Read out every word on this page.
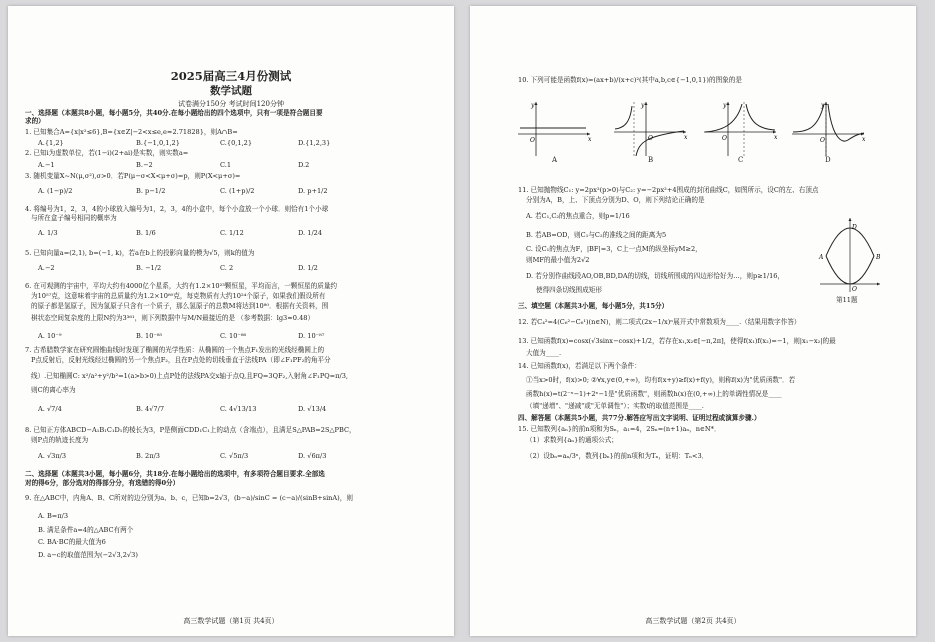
2025届高三4月份测试
数学试题
试卷满分150分 考试时间120分钟
一、选择题（本题共8小题，每小题5分，共40分.在每小题给出的四个选项中，只有一项是符合题目要
求的）
1. 已知集合A={x|x²≤6},B={x∈Z|−2<x≤e,e≈2.71828}，则A∩B=
A.{1,2}	B.{−1,0,1,2}	C.{0,1,2}	D.{1,2,3}
2. 已知i为虚数单位，若(1−i)(2+ai)是实数，则实数a=
A.−1	B.−2	C.1	D.2
3. 随机变量X~N(μ,σ²),σ>0．若P(μ−σ<X<μ+σ)=p，则P(X<μ+σ)=
A. (1−p)/2	B. p−1/2	C. (1+p)/2	D. p+1/2
4. 将编号为1，2，3，4的小球放入编号为1，2，3，4的小盒中，每个小盒放一个小球．则恰有1个小球
与所在盒子编号相同的概率为
A. 1/3	B. 1/6	C. 1/12	D. 1/24
5. 已知向量a=(2,1), b=(−1, k)，若a在b上的投影向量的模为√5，则k的值为
A.−2	B. −1/2	C. 2	D. 1/2
6. 在可观测的宇宙中，平均大约有4000亿个星系，大约有1.2×10²³颗恒星，平均而言，一颗恒星的质量约
为10⁵⁷克，这意味着宇宙的总质量约为1.2×10⁸⁰克，每克物质有大约10²⁴个原子，如果我们假设所有
的原子都是氢原子，因为氢原子只含有一个质子，那么氢原子的总数M将达到10⁸⁰．根据有关资料，围
棋状态空间复杂度的上限N约为3³⁶¹，则下列数据中与M/N最接近的是 （参考数据：lg3≈0.48）
A. 10⁻⁹	B. 10⁻⁸⁵	C. 10⁻⁸⁶	D. 10⁻⁸⁷
7. 古希腊数学家在研究圆锥曲线时发现了椭圆的光学性质：从椭圆的一个焦点F₁发出的光线经椭圆上的
P点反射后，反射光线经过椭圆的另一个焦点F₂，且在P点处的切线垂直于法线PA（即∠F₁PF₂的角平分
线）.已知椭圆C: x²/a²+y²/b²=1(a>b>0)上点P处的法线PA交x轴于点Q,且FQ=3QF₂,入射角∠F₁PQ=π/3,
则C的离心率为
A. √7/4	B. 4√7/7	C. 4√13/13	D. √13/4
8. 已知正方体ABCD−A₁B₁C₁D₁的棱长为3，P是侧面CDD₁C₁上的动点（含端点），且满足S△PAB=2S△PBC，
则P点的轨迹长度为
A. √3π/3	B. 2π/3	C. √5π/3	D. √6π/3
二、选择题（本题共3小题，每小题6分，共18分.在每小题给出的选项中，有多项符合题目要求.全部选
对的得6分，部分选对的得部分分，有选错的得0分）
9. 在△ABC中，内角A、B、C所对的边分别为a、b、c，已知b=2√3，(b−a)/sinC = (c−a)/(sinB+sinA)，则
A. B=π/3
B. 满足条件a=4的△ABC有两个
C. BA·BC的最大值为6
D. a−c的取值范围为(−2√3,2√3)
高三数学试题（第1页 共4页）
10. 下列可能是函数f(x)=(ax+b)/(x+c)²(其中a,b,c∈{−1,0,1})的图象的是
y
x
O
A
y
x
O
B
y
x
O
C
y
x
O
D
11. 已知抛物线C₁: y=2px²(p>0)与C₂: y=−2px²+4围成的封闭曲线C，如图所示，设C的左、右顶点
分别为A，B，上、下顶点分别为D、O，则下列结论正确的是
A. 若C₁,C₂的焦点重合，则p=1/16
B. 若AB=OD，则C₁与C₂的准线之间的距离为5
C. 设C₁的焦点为F，|BF|=3，C上一点M的纵坐标yM≥2，
则MF的最小值为2√2
D. 若分别作曲线段AO,OB,BD,DA的切线，切线所围成的四边形恰好为…，则p≥1/16，
使得四条切线围成矩形
D
A	B
O
第11题
三、填空题（本题共3小题，每小题5分，共15分）
12. 若C₄²=4(C₆²−C₆¹)(n∈N)，则二项式(2x−1/x)ⁿ展开式中常数项为____.（结果用数字作答）
13. 已知函数f(x)=cosx(√3sinx−cosx)+1/2，若存在x₁,x₂∈[−π,2π]，使得f(x₁)f(x₂)=−1，则|x₁−x₂|的最
大值为____.
14. 已知函数f(x)，若满足以下两个条件：
①当x>0时，f(x)>0; ②∀x,y∈(0,+∞)，均有f(x+y)≥f(x)+f(y)，则称f(x)为"优质函数"．若
函数h(x)=t(2⁻ˣ−1)+2ˣ−1是"优质函数"，则函数h(x)在(0,+∞)上的单调性情况是____
（填"递增"、"递减"或"无单调性"）；实数t的取值范围是____.
四、解答题（本题共5小题，共77分.解答应写出文字说明、证明过程或演算步骤.）
15. 已知数列{aₙ}的前n项和为Sₙ，a₁=4，2Sₙ=(n+1)aₙ，n∈N*．
（1）求数列{aₙ}的通项公式；
（2）设bₙ=aₙ/3ⁿ，数列{bₙ}的前n项和为Tₙ，证明：Tₙ<3．
高三数学试题（第2页 共4页）
